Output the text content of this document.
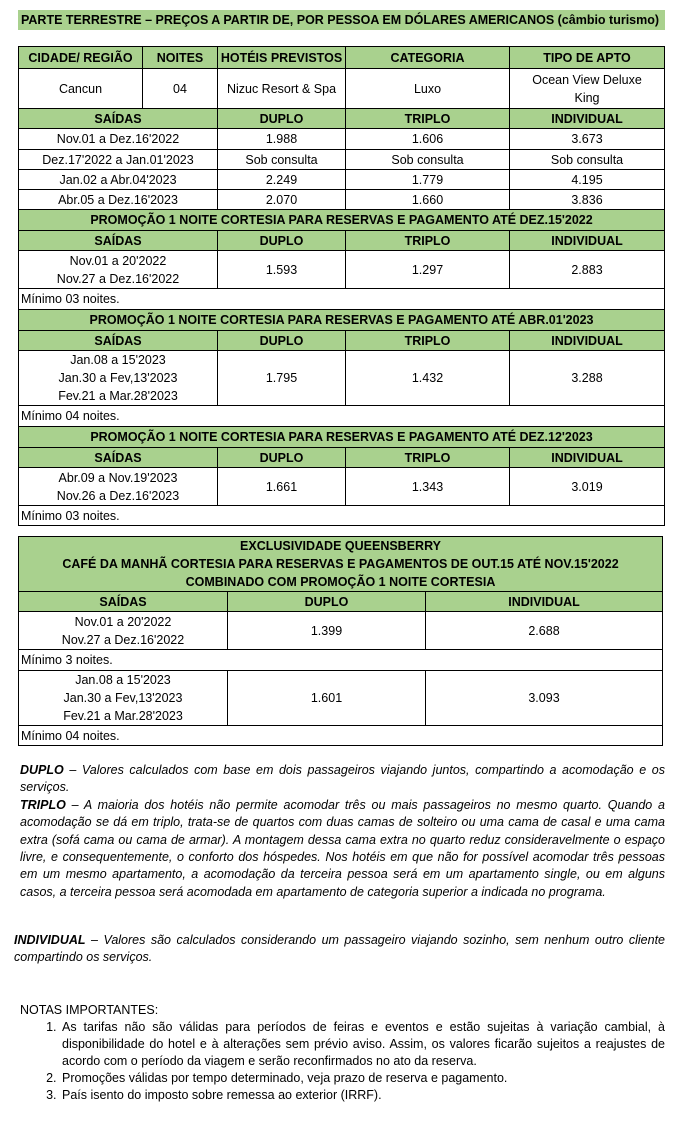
PARTE TERRESTRE – PREÇOS A PARTIR DE, POR PESSOA EM DÓLARES AMERICANOS (câmbio turismo)
CIDADE/ REGIÃO	NOITES	HOTÉIS PREVISTOS	CATEGORIA	TIPO DE APTO
Cancun	04	Nizuc Resort & Spa	Luxo	Ocean View Deluxe King
SAÍDAS		DUPLO	TRIPLO	INDIVIDUAL
Nov.01 a Dez.16'2022		1.988	1.606	3.673
Dez.17'2022 a Jan.01'2023		Sob consulta	Sob consulta	Sob consulta
Jan.02 a Abr.04'2023		2.249	1.779	4.195
Abr.05 a Dez.16'2023		2.070	1.660	3.836
PROMOÇÃO 1 NOITE CORTESIA PARA RESERVAS E PAGAMENTO ATÉ DEZ.15'2022				
SAÍDAS		DUPLO	TRIPLO	INDIVIDUAL

Nov.01 a 20'2022
Nov.27 a Dez.16'2022		1.593	1.297	2.883
Mínimo 03 noites.				
PROMOÇÃO 1 NOITE CORTESIA PARA RESERVAS E PAGAMENTO ATÉ ABR.01'2023				
SAÍDAS		DUPLO	TRIPLO	INDIVIDUAL

Jan.08 a 15'2023
Jan.30 a Fev,13'2023
Fev.21 a Mar.28'2023		1.795	1.432	3.288
Mínimo 04 noites.				
PROMOÇÃO 1 NOITE CORTESIA PARA RESERVAS E PAGAMENTO ATÉ DEZ.12'2023				
SAÍDAS		DUPLO	TRIPLO	INDIVIDUAL

Abr.09 a Nov.19'2023
Nov.26 a Dez.16'2023		1.661	1.343	3.019
Mínimo 03 noites.				
EXCLUSIVIDADE QUEENSBERRY
CAFÉ DA MANHÃ CORTESIA PARA RESERVAS E PAGAMENTOS DE OUT.15 ATÉ NOV.15'2022
COMBINADO COM PROMOÇÃO 1 NOITE CORTESIA		

SAÍDAS	DUPLO	INDIVIDUAL

Nov.01 a 20'2022
Nov.27 a Dez.16'2022	1.399	2.688
Mínimo 3 noites.		

Jan.08 a 15'2023
Jan.30 a Fev,13'2023
Fev.21 a Mar.28'2023	1.601	3.093
Mínimo 04 noites.		

DUPLO – Valores calculados com base em dois passageiros viajando juntos, compartindo a acomodação e os serviços.

TRIPLO – A maioria dos hotéis não permite acomodar três ou mais passageiros no mesmo quarto. Quando a acomodação se dá em triplo, trata-se de quartos com duas camas de solteiro ou uma cama de casal e uma cama extra (sofá cama ou cama de armar). A montagem dessa cama extra no quarto reduz consideravelmente o espaço livre, e consequentemente, o conforto dos hóspedes. Nos hotéis em que não for possível acomodar três pessoas em um mesmo apartamento, a acomodação da terceira pessoa será em um apartamento single, ou em alguns casos, a terceira pessoa será acomodada em apartamento de categoria superior a indicada no programa.

INDIVIDUAL – Valores são calculados considerando um passageiro viajando sozinho, sem nenhum outro cliente compartindo os serviços.

NOTAS IMPORTANTES:
1. As tarifas não são válidas para períodos de feiras e eventos e estão sujeitas à variação cambial, à disponibilidade do hotel e à alterações sem prévio aviso. Assim, os valores ficarão sujeitos a reajustes de acordo com o período da viagem e serão reconfirmados no ato da reserva.
2. Promoções válidas por tempo determinado, veja prazo de reserva e pagamento.
3. País isento do imposto sobre remessa ao exterior (IRRF).
